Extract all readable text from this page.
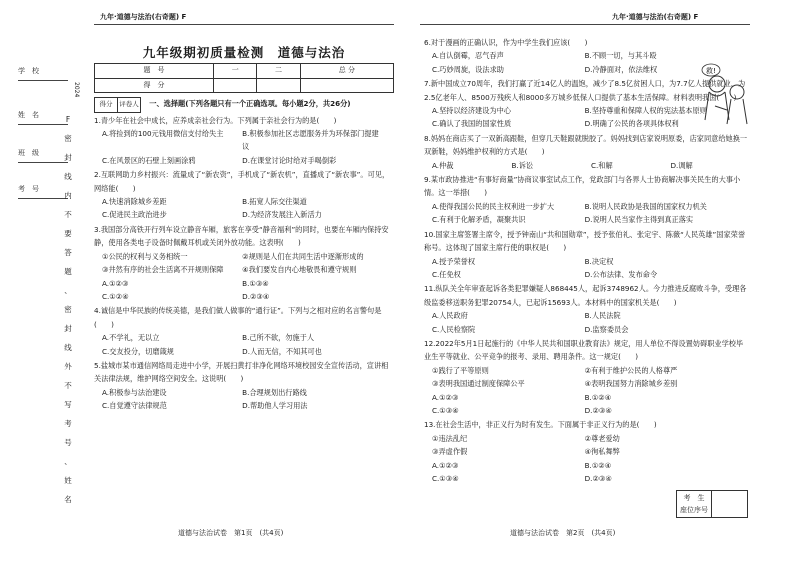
九年·道德与法治(右奇题) F	九年·道德与法治(右奇题) F
学　校
姓　名
班　级
考　号
2024
F
密
封
线
内
不
要
答
题
、
密
封
线
外
不
写
考
号
、
姓
名
九年级期初质量检测　道德与法治
题　号	一	二	总 分
得　分			
得分 评卷人 一、选择题(下列各题只有一个正确选项。每小题2分，共26分)
1.青少年在社会中成长，应养成亲社会行为。下列属于亲社会行为的是(　　)
A.将捡到的100元钱用微信支付给失主	B.积极参加社区志愿服务并为环保部门提建议
C.在风景区的石壁上刻画涂鸦	D.在课堂讨论时给对手喝倒彩
2.互联网助力乡村振兴：流量成了“新农资”，手机成了“新农机”，直播成了“新农事”。可见，网络能(　　)
A.快速消除城乡差距	B.拓宽人际交往渠道
C.促进民主政治进步	D.为经济发展注入新活力
3.我国部分高铁开行列车设立静音车厢，旅客在享受“静音福利”的同时，也要在车厢内保持安静，使用各类电子设备时佩戴耳机或关闭外放功能。这表明(　　)
①公民的权利与义务相统一	②规则是人们在共同生活中逐渐形成的
③井然有序的社会生活离不开规则保障	④我们要发自内心地敬畏和遵守规则
A.①②③	B.①③④
C.①②④	D.②③④
4.诚信是中华民族的传统美德，是我们做人做事的“通行证”。下列与之相对应的名言警句是(　　)
A.不学礼，无以立	B.己所不欲，勿施于人
C.交友投分，切磨箴规	D.人而无信，不知其可也
5.盐城市某市通信网络局走进中小学，开展扫黄打非净化网络环境校园安全宣传活动，宣讲相关法律法规，维护网络空间安全。这说明(　　)
A.积极参与法治建设	B.合理规划出行路线
C.自觉遵守法律规范	D.帮助他人学习用法
6.对于漫画的正确认识，作为中学生我们应该(　　)
A.自认倒霉，忍气吞声	B.不顾一切，与其斗殴
C.巧妙周旋，设法求助	D.冷静面对，依法维权
7.新中国成立70周年，我们打赢了近14亿人的温饱，减少了8.5亿贫困人口，为7.7亿人提供就业，为2.5亿老年人、8500万残疾人和8000多万城乡低保人口提供了基本生活保障。材料表明我国(　　)
A.坚持以经济建设为中心	B.坚持尊重和保障人权的宪法基本原则
C.确认了我国的国家性质	D.明确了公民的各项具体权利
8.妈妈在商店买了一双新高跟鞋，但穿几天鞋跟就脱胶了。妈妈找到店家说明原委，店家同意给她换一双新鞋，妈妈维护权利的方式是(　　)
A.仲裁	B.诉讼	C.和解	D.调解
9.某市政协推进“有事好商量”协商议事室试点工作，党政部门与各界人士协商解决事关民生的大事小情。这一举措(　　)
A.使得我国公民的民主权利进一步扩大	B.说明人民政协是我国的国家权力机关
C.有利于化解矛盾，凝聚共识	D.说明人民当家作主得到真正落实
10.国家主席签署主席令，授予钟南山“共和国勋章”，授予张伯礼、张定宇、陈薇“人民英雄”国家荣誉称号。这体现了国家主席行使的职权是(　　)
A.授予荣誉权	B.决定权
C.任免权	D.公布法律、发布命令
11.纵队关全年审查起诉各类犯罪嫌疑人868445人，起诉3748962人。今力推进反腐败斗争，受理各级监委移送职务犯罪20754人，已起诉15693人。本材料中的国家机关是(　　)
A.人民政府	B.人民法院
C.人民检察院	D.监察委员会
12.2022年5月1日起施行的《中华人民共和国职业教育法》规定，用人单位不得设置妨碍职业学校毕业生平等就业、公平竞争的报考、录用、聘用条件。这一规定(　　)
①践行了平等原则	②有利于维护公民的人格尊严
③表明我国通过制度保障公平	④表明我国努力消除城乡差别
A.①②③	B.①②④
C.①③④	D.②③④
13.在社会生活中，非正义行为时有发生。下面属于非正义行为的是(　　)
①违法乱纪	②尊老爱幼
③弄虚作假	④徇私舞弊
A.①②③	B.①②④
C.①③④	D.②③④
救!
考　生
座位序号
道德与法治试卷　第1页　(共4页)	道德与法治试卷　第2页　(共4页)
